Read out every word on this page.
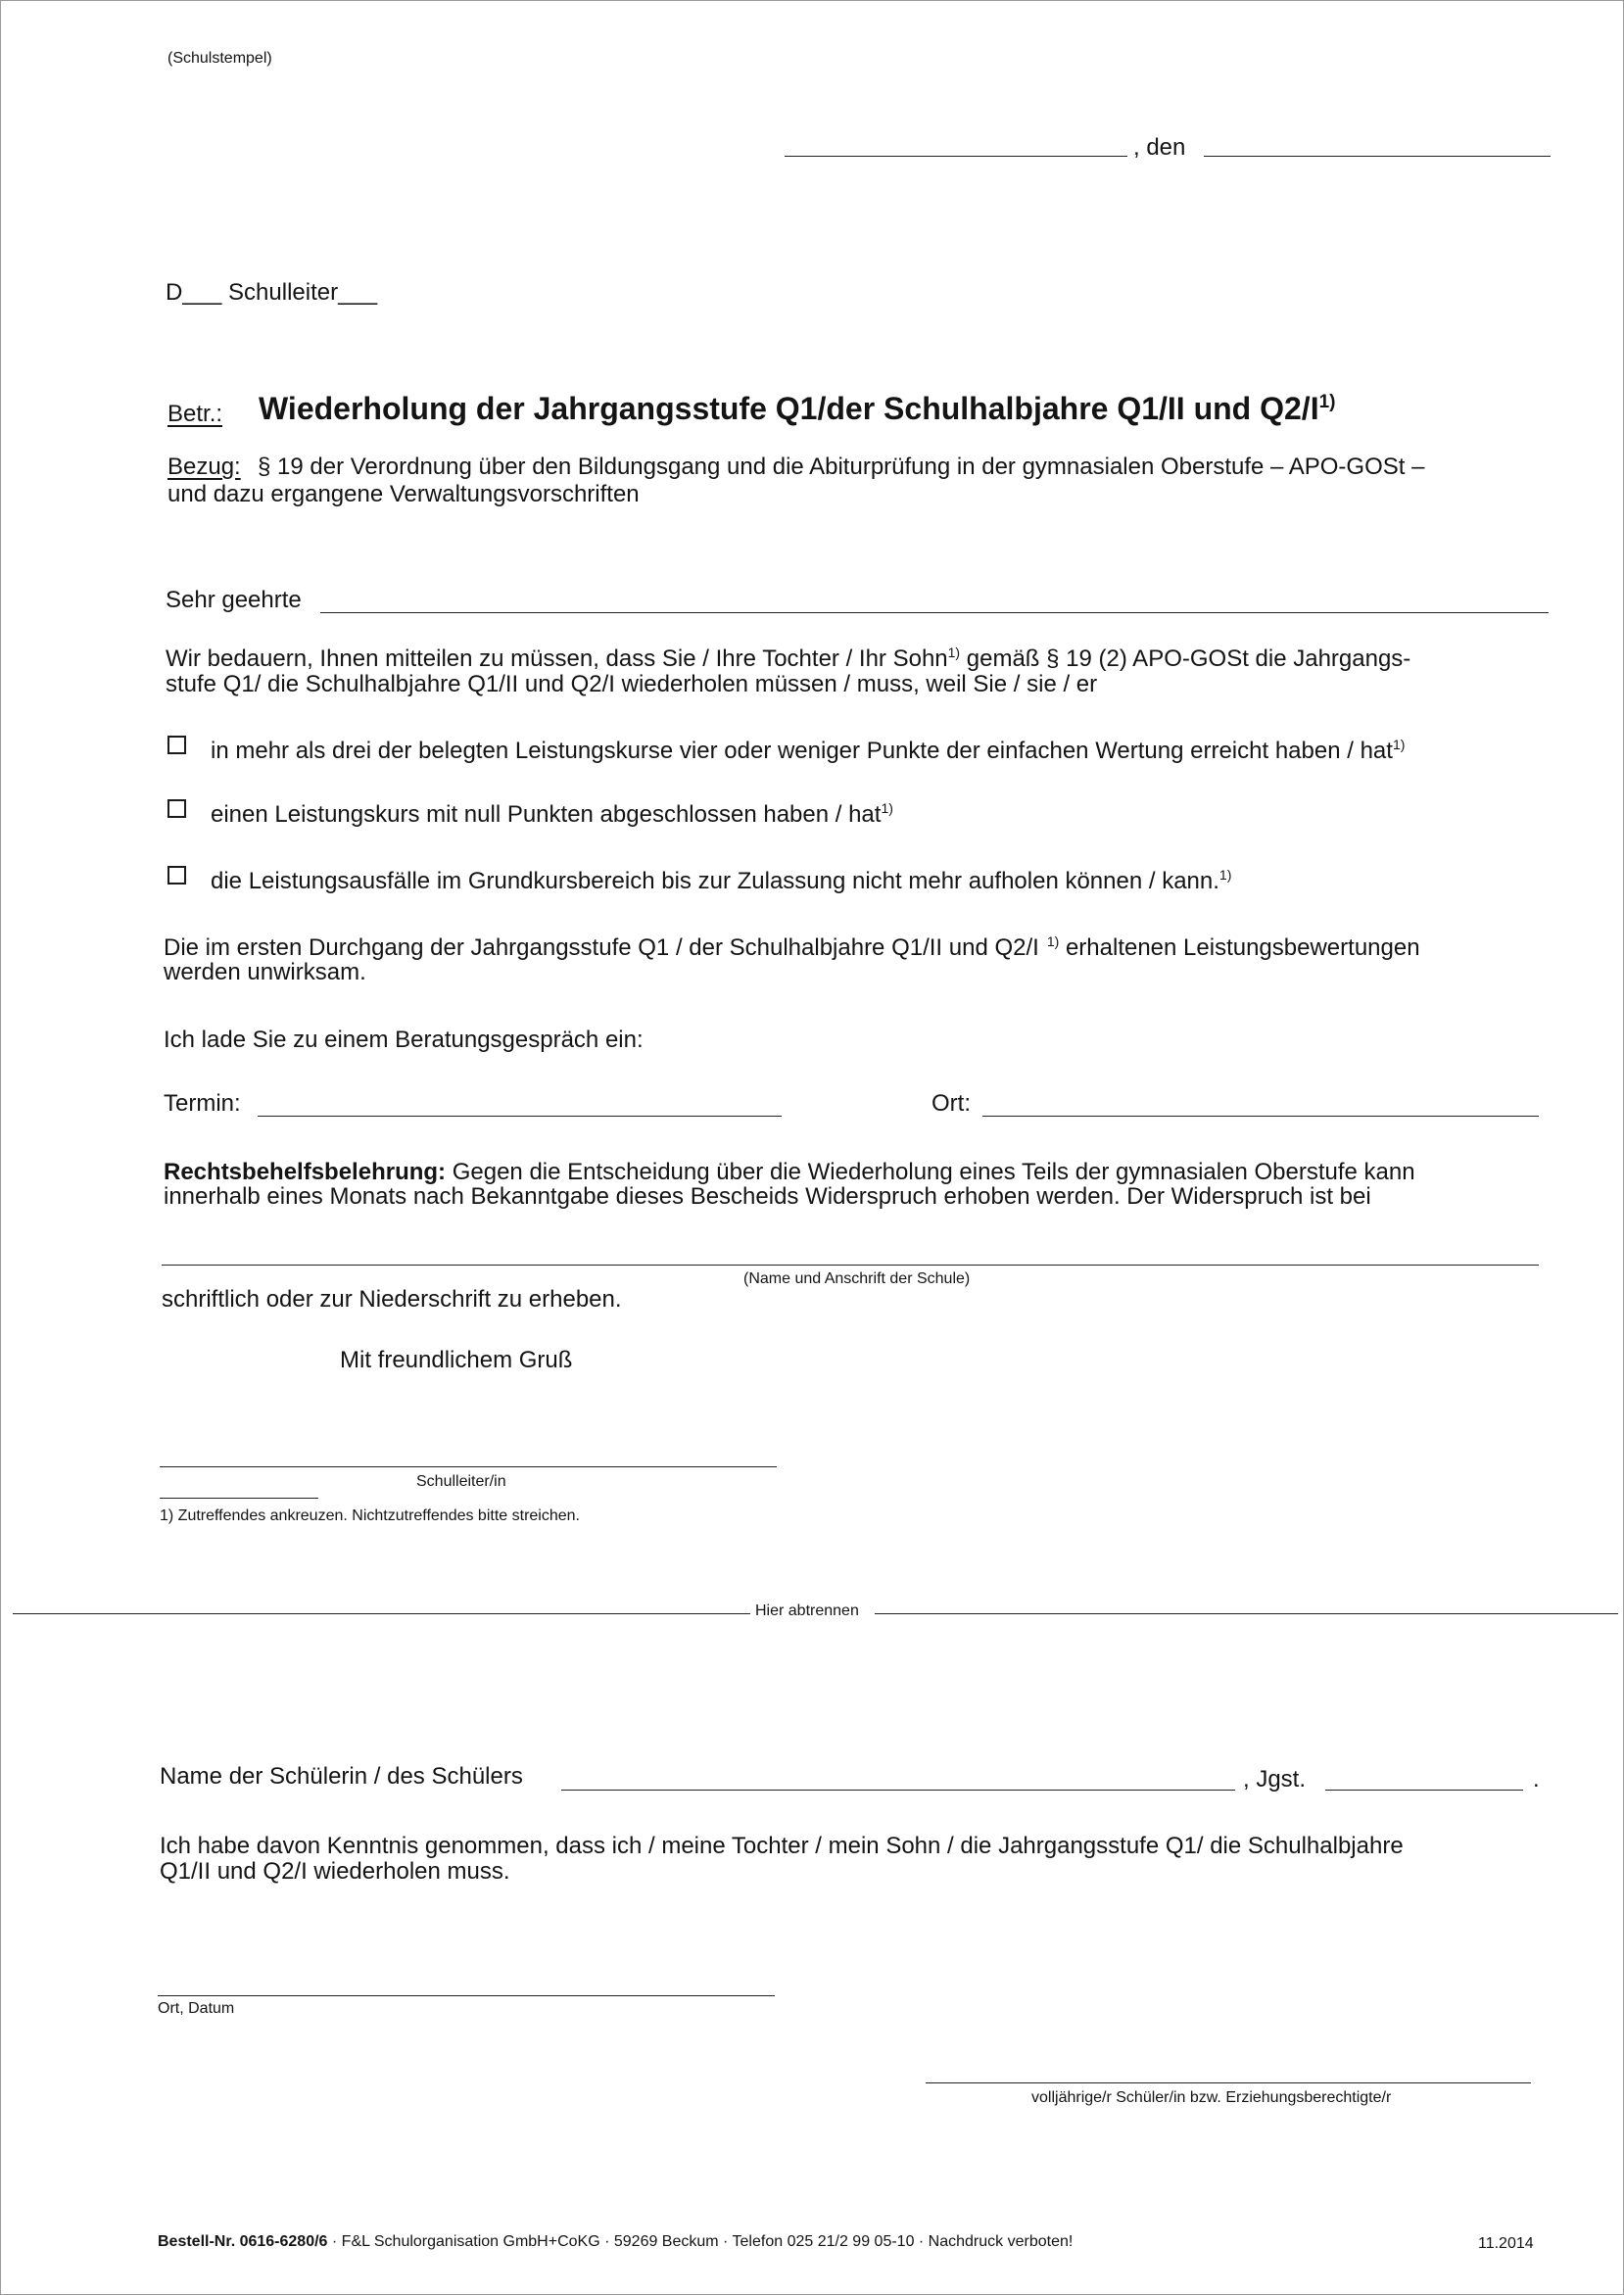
(Schulstempel)
, den
D___ Schulleiter___
Betr.: Wiederholung der Jahrgangsstufe Q1/der Schulhalbjahre Q1/II und $Q2/I^{1)}$
Bezug: § 19 der Verordnung über den Bildungsgang und die Abiturprüfung in der gymnasialen Oberstufe – APO-GOSt –
und dazu ergangene Verwaltungsvorschriften
Sehr geehrte
Wir bedauern, Ihnen mitteilen zu müssen, dass Sie / Ihre Tochter / Ihr Sohn$^{1)}$ gemäß § 19 (2) APO-GOSt die Jahrgangs-
stufe Q1/ die Schulhalbjahre Q1/II und Q2/I wiederholen müssen / muss, weil Sie / sie / er
in mehr als drei der belegten Leistungskurse vier oder weniger Punkte der einfachen Wertung erreicht haben / hat$^{1)}$
einen Leistungskurs mit null Punkten abgeschlossen haben / hat$^{1)}$
die Leistungsausfälle im Grundkursbereich bis zur Zulassung nicht mehr aufholen können / kann.$^{1)}$
Die im ersten Durchgang der Jahrgangsstufe Q1 / der Schulhalbjahre Q1/II und Q2/I $^{1)}$ erhaltenen Leistungsbewertungen
werden unwirksam.
Ich lade Sie zu einem Beratungsgespräch ein:
Termin:	Ort:
Rechtsbehelfsbelehrung: Gegen die Entscheidung über die Wiederholung eines Teils der gymnasialen Oberstufe kann
innerhalb eines Monats nach Bekanntgabe dieses Bescheids Widerspruch erhoben werden. Der Widerspruch ist bei
(Name und Anschrift der Schule)
schriftlich oder zur Niederschrift zu erheben.
Mit freundlichem Gruß
Schulleiter/in
1) Zutreffendes ankreuzen. Nichtzutreffendes bitte streichen.
Hier abtrennen
Name der Schülerin / des Schülers	, Jgst.	.
Ich habe davon Kenntnis genommen, dass ich / meine Tochter / mein Sohn / die Jahrgangsstufe Q1/ die Schulhalbjahre
Q1/II und Q2/I wiederholen muss.
Ort, Datum
volljährige/r Schüler/in bzw. Erziehungsberechtigte/r
Bestell-Nr. 0616-6280/6 · F&L Schulorganisation GmbH+CoKG · 59269 Beckum · Telefon 025 21/2 99 05-10 · Nachdruck verboten!	11.2014
